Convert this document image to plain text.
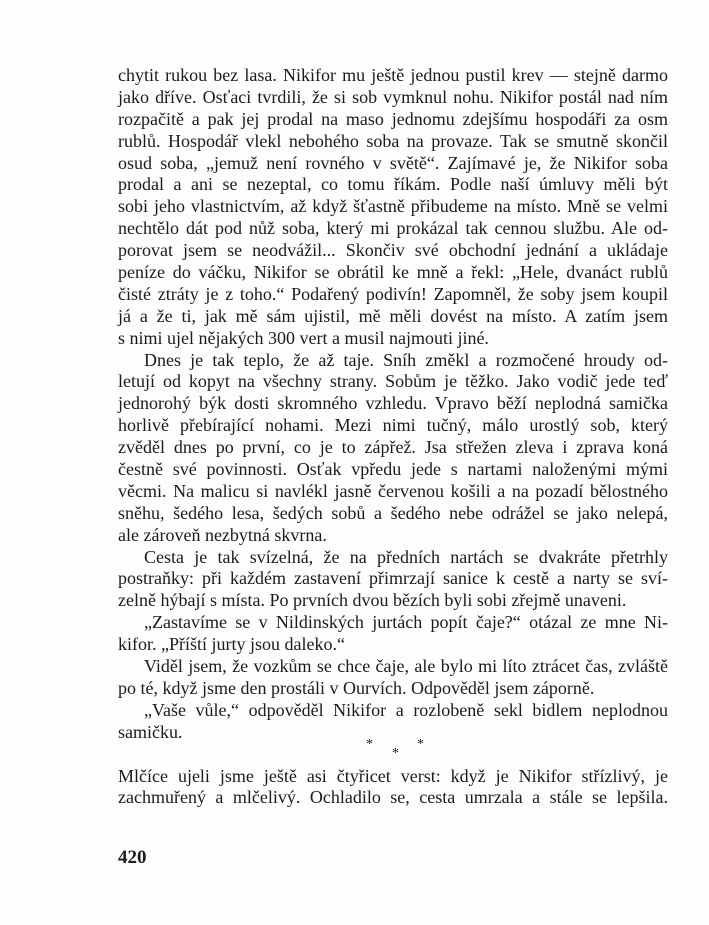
chytit rukou bez lasa. Nikifor mu ještě jednou pustil krev — stejně darmo
jako dříve. Osťaci tvrdili, že si sob vymknul nohu. Nikifor postál nad ním
rozpačitě a pak jej prodal na maso jednomu zdejšímu hospodáři za osm
rublů. Hospodář vlekl nebohého soba na provaze. Tak se smutně skončil
osud soba, „jemuž není rovného v světě“. Zajímavé je, že Nikifor soba
prodal a ani se nezeptal, co tomu říkám. Podle naší úmluvy měli být
sobi jeho vlastnictvím, až když šťastně přibudeme na místo. Mně se velmi
nechtělo dát pod nůž soba, který mi prokázal tak cennou službu. Ale od-
porovat jsem se neodvážil... Skončiv své obchodní jednání a ukládaje
peníze do váčku, Nikifor se obrátil ke mně a řekl: „Hele, dvanáct rublů
čisté ztráty je z toho.“ Podařený podivín! Zapomněl, že soby jsem koupil
já a že ti, jak mě sám ujistil, mě měli dovést na místo. A zatím jsem
s nimi ujel nějakých 300 vert a musil najmouti jiné.
Dnes je tak teplo, že až taje. Sníh změkl a rozmočené hroudy od-
letují od kopyt na všechny strany. Sobům je těžko. Jako vodič jede teď
jednorohý býk dosti skromného vzhledu. Vpravo běží neplodná samička
horlivě přebírající nohami. Mezi nimi tučný, málo urostlý sob, který
zvěděl dnes po první, co je to zápřež. Jsa střežen zleva i zprava koná
čestně své povinnosti. Osťak vpředu jede s nartami naloženými mými
věcmi. Na malicu si navlékl jasně červenou košili a na pozadí bělostného
sněhu, šedého lesa, šedých sobů a šedého nebe odrážel se jako nelepá,
ale zároveň nezbytná skvrna.
Cesta je tak svízelná, že na předních nartách se dvakráte přetrhly
postraňky: při každém zastavení přimrzají sanice k cestě a narty se sví-
zelně hýbají s místa. Po prvních dvou bězích byli sobi zřejmě unaveni.
„Zastavíme se v Nildinských jurtách popít čaje?“ otázal ze mne Ni-
kifor. „Příští jurty jsou daleko.“
Viděl jsem, že vozkům se chce čaje, ale bylo mi líto ztrácet čas, zvláště
po té, když jsme den prostáli v Ourvích. Odpověděl jsem záporně.
„Vaše vůle,“ odpověděl Nikifor a rozlobeně sekl bidlem neplodnou
samičku.
*	*
*
Mlčíce ujeli jsme ještě asi čtyřicet verst: když je Nikifor střízlivý, je
zachmuřený a mlčelivý. Ochladilo se, cesta umrzala a stále se lepšila.
420
